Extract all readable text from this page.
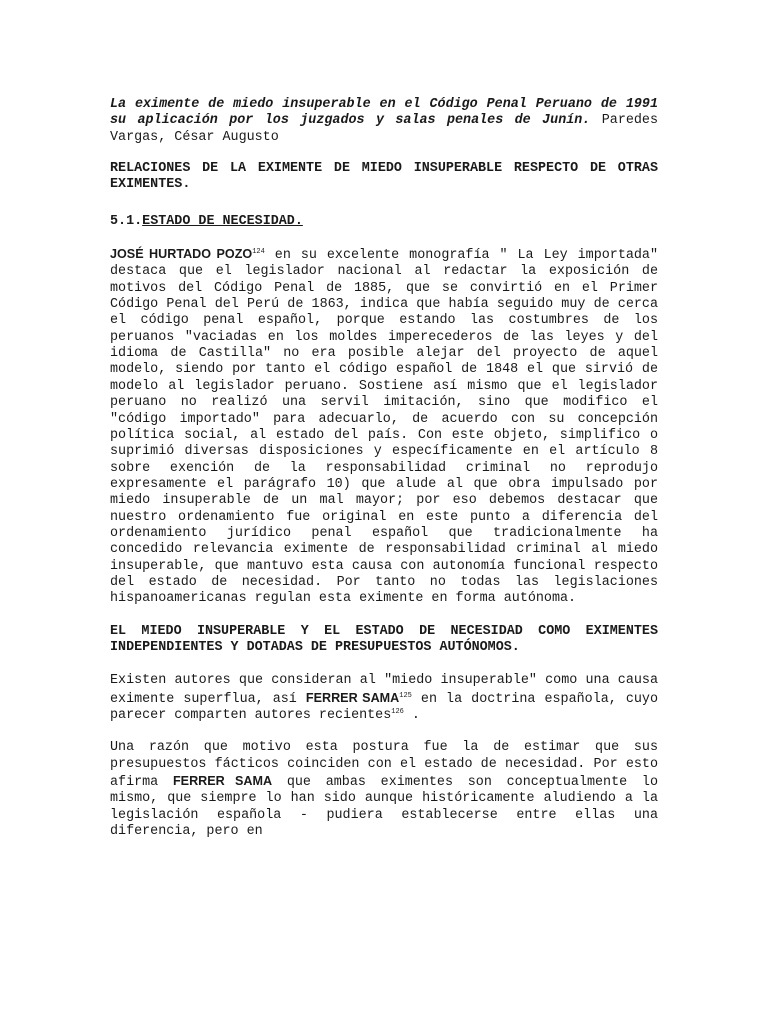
La eximente de miedo insuperable en el Código Penal Peruano de 1991 su aplicación por los juzgados y salas penales de Junín. Paredes Vargas, César Augusto

RELACIONES DE LA EXIMENTE DE MIEDO INSUPERABLE RESPECTO DE OTRAS EXIMENTES.

5.1.ESTADO DE NECESIDAD.

JOSÉ HURTADO POZO$^{124}$ en su excelente monografía " La Ley importada" destaca que el legislador nacional al redactar la exposición de motivos del Código Penal de 1885, que se convirtió en el Primer Código Penal del Perú de 1863, indica que había seguido muy de cerca el código penal español, porque estando las costumbres de los peruanos "vaciadas en los moldes imperecederos de las leyes y del idioma de Castilla" no era posible alejar del proyecto de aquel modelo, siendo por tanto el código español de 1848 el que sirvió de modelo al legislador peruano. Sostiene así mismo que el legislador peruano no realizó una servil imitación, sino que modifico el "código importado" para adecuarlo, de acuerdo con su concepción política social, al estado del país. Con este objeto, simplifico o suprimió diversas disposiciones y específicamente en el artículo 8 sobre exención de la responsabilidad criminal no reprodujo expresamente el parágrafo 10) que alude al que obra impulsado por miedo insuperable de un mal mayor; por eso debemos destacar que nuestro ordenamiento fue original en este punto a diferencia del ordenamiento jurídico penal español que tradicionalmente ha concedido relevancia eximente de responsabilidad criminal al miedo insuperable, que mantuvo esta causa con autonomía funcional respecto del estado de necesidad. Por tanto no todas las legislaciones hispanoamericanas regulan esta eximente en forma autónoma.

EL MIEDO INSUPERABLE Y EL ESTADO DE NECESIDAD COMO EXIMENTES INDEPENDIENTES Y DOTADAS DE PRESUPUESTOS AUTÓNOMOS.

Existen autores que consideran al "miedo insuperable" como una causa eximente superflua, así FERRER SAMA$^{125}$ en la doctrina española, cuyo parecer comparten autores recientes$^{126}$ .

Una razón que motivo esta postura fue la de estimar que sus presupuestos fácticos coinciden con el estado de necesidad. Por esto afirma FERRER SAMA que ambas eximentes son conceptualmente lo mismo, que siempre lo han sido aunque históricamente aludiendo a la legislación española - pudiera establecerse entre ellas una diferencia, pero en
